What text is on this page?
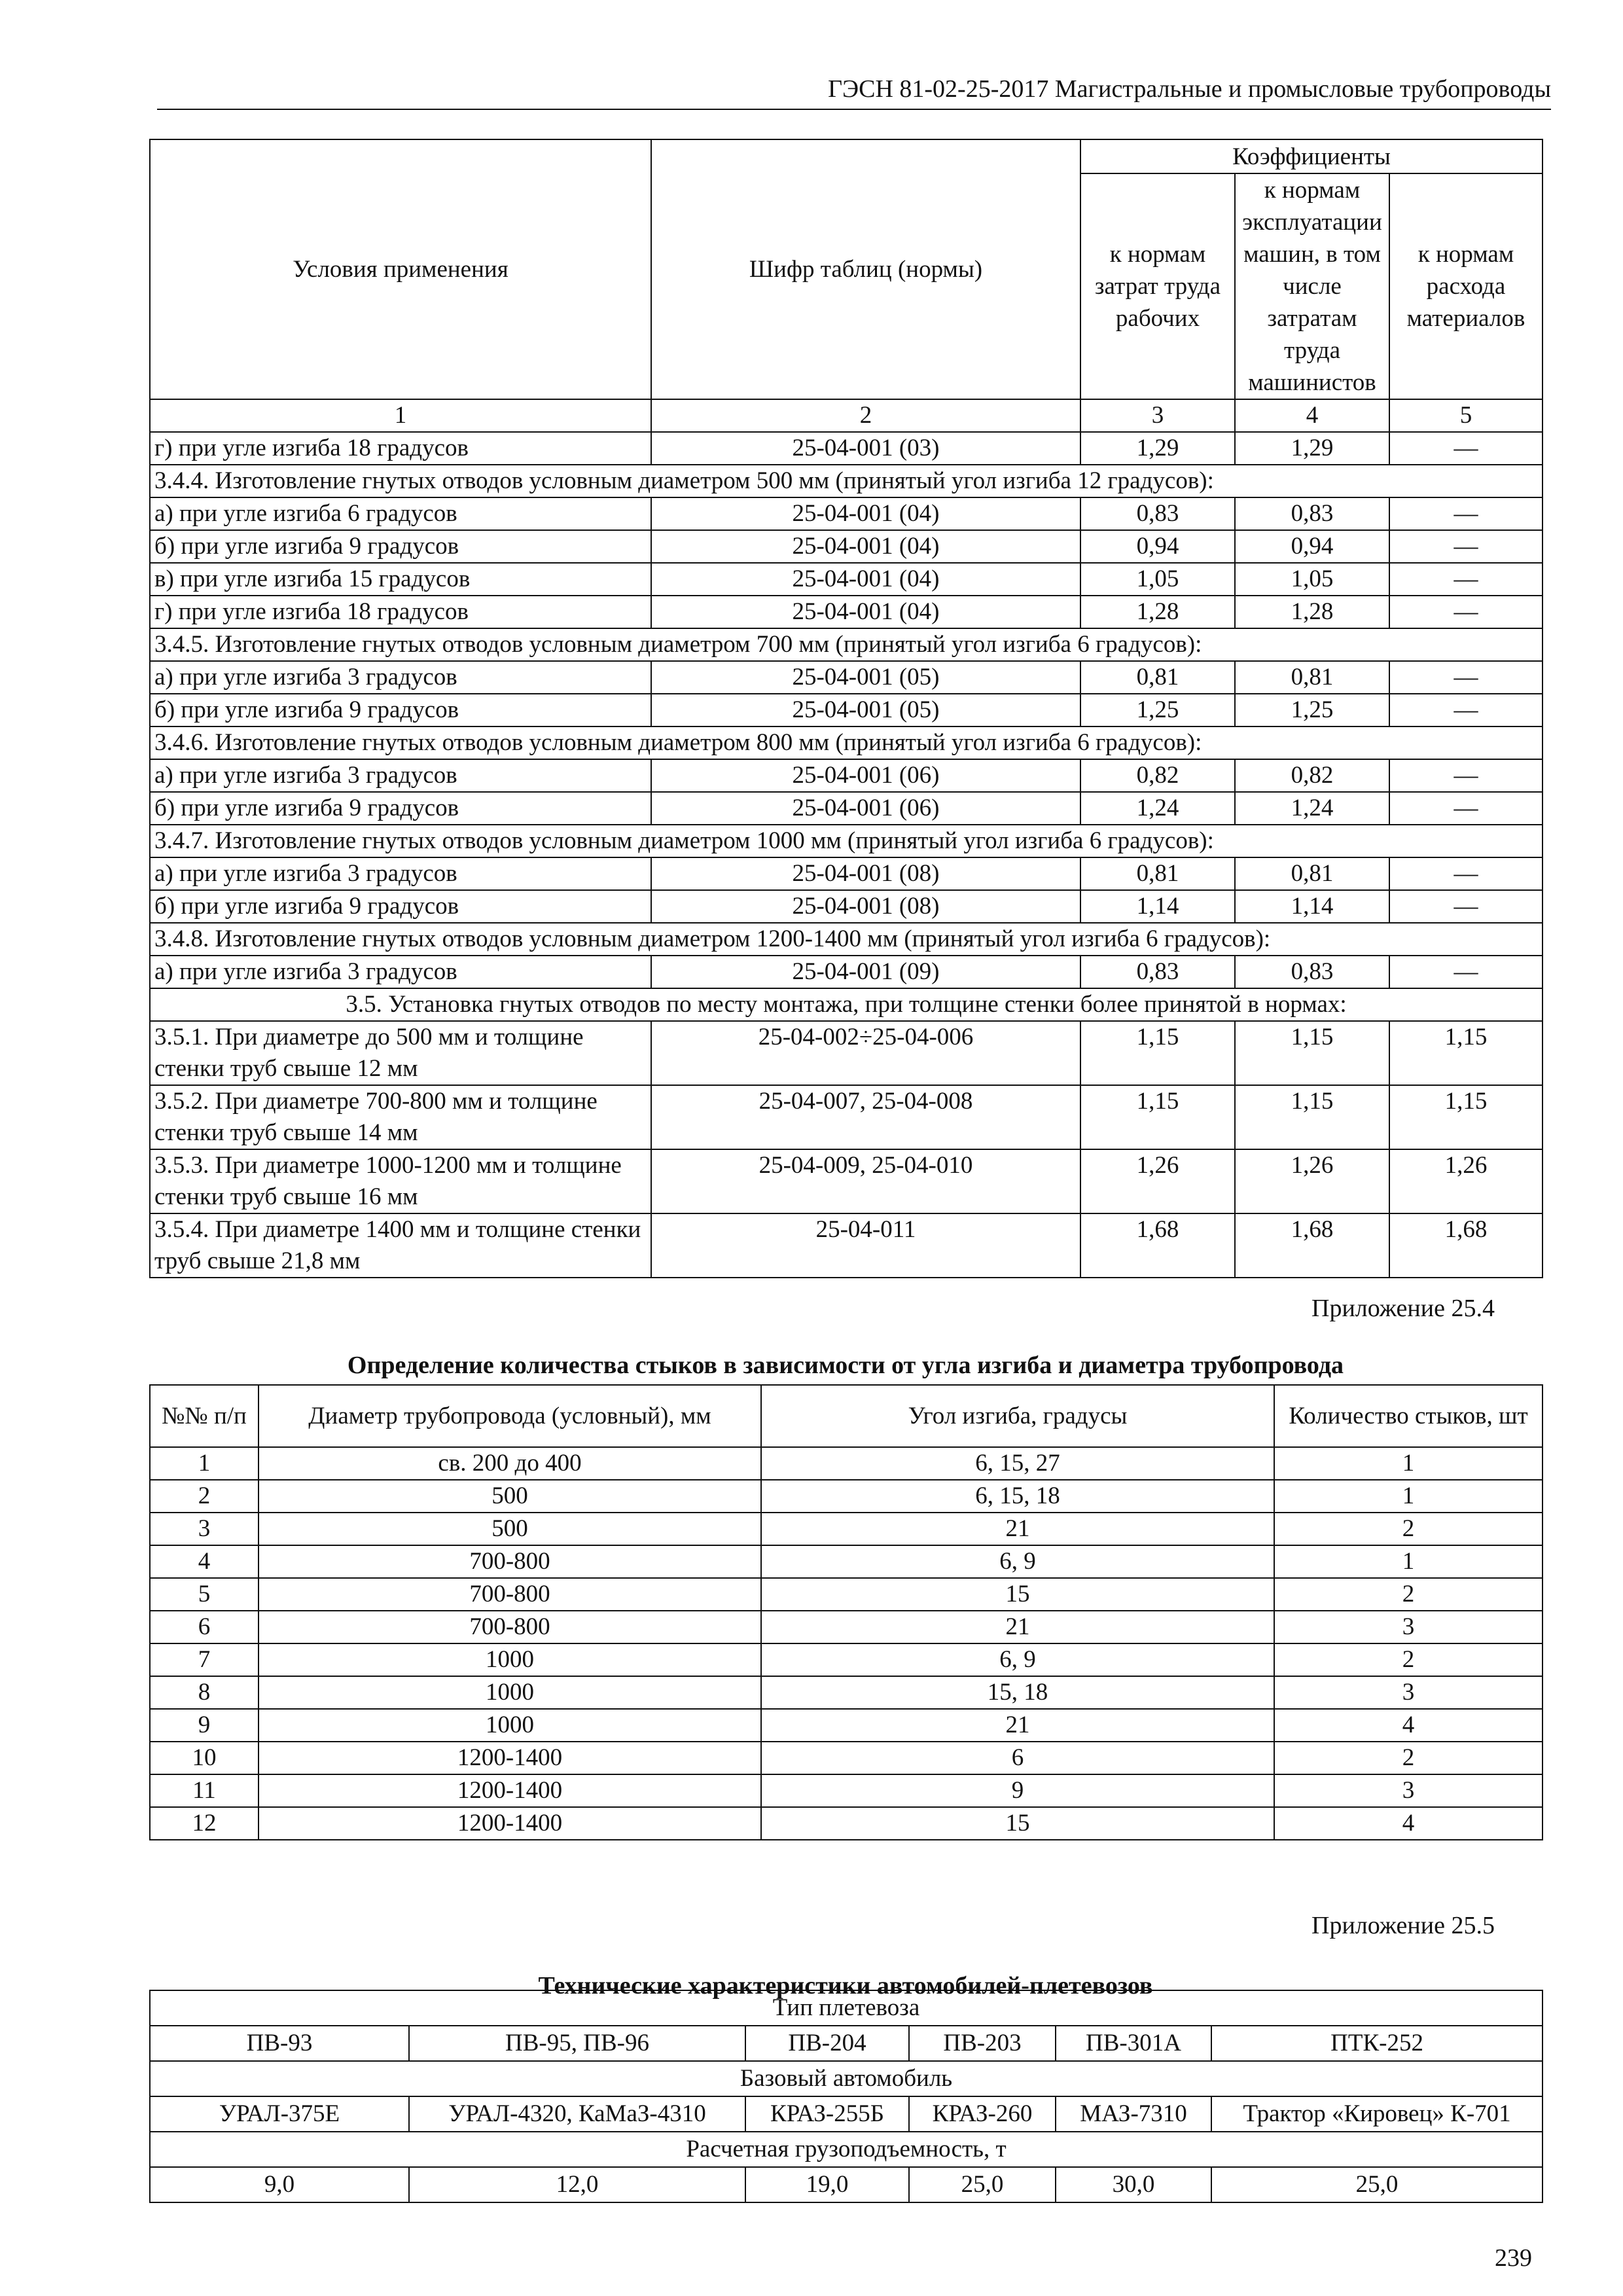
ГЭСН 81-02-25-2017 Магистральные и промысловые трубопроводы
Условия применения	Шифр таблиц (нормы)	Коэффициенты		
		к нормам затрат труда рабочих	к нормам эксплуатации машин, в том числе затратам труда машинистов	к нормам расхода материалов
1	2	3	4	5
г) при угле изгиба 18 градусов	25-04-001 (03)	1,29	1,29	—
3.4.4. Изготовление гнутых отводов условным диаметром 500 мм (принятый угол изгиба 12 градусов):				
а) при угле изгиба 6 градусов	25-04-001 (04)	0,83	0,83	—
б) при угле изгиба 9 градусов	25-04-001 (04)	0,94	0,94	—
в) при угле изгиба 15 градусов	25-04-001 (04)	1,05	1,05	—
г) при угле изгиба 18 градусов	25-04-001 (04)	1,28	1,28	—
3.4.5. Изготовление гнутых отводов условным диаметром 700 мм (принятый угол изгиба 6 градусов):				
а) при угле изгиба 3 градусов	25-04-001 (05)	0,81	0,81	—
б) при угле изгиба 9 градусов	25-04-001 (05)	1,25	1,25	—
3.4.6. Изготовление гнутых отводов условным диаметром 800 мм (принятый угол изгиба 6 градусов):				
а) при угле изгиба 3 градусов	25-04-001 (06)	0,82	0,82	—
б) при угле изгиба 9 градусов	25-04-001 (06)	1,24	1,24	—
3.4.7. Изготовление гнутых отводов условным диаметром 1000 мм (принятый угол изгиба 6 градусов):				
а) при угле изгиба 3 градусов	25-04-001 (08)	0,81	0,81	—
б) при угле изгиба 9 градусов	25-04-001 (08)	1,14	1,14	—
3.4.8. Изготовление гнутых отводов условным диаметром 1200-1400 мм (принятый угол изгиба 6 градусов):				
а) при угле изгиба 3 градусов	25-04-001 (09)	0,83	0,83	—
3.5. Установка гнутых отводов по месту монтажа, при толщине стенки более принятой в нормах:				
3.5.1. При диаметре до 500 мм и толщине стенки труб свыше 12 мм	25-04-002÷25-04-006	1,15	1,15	1,15
3.5.2. При диаметре 700-800 мм и толщине стенки труб свыше 14 мм	25-04-007, 25-04-008	1,15	1,15	1,15
3.5.3. При диаметре 1000-1200 мм и толщине стенки труб свыше 16 мм	25-04-009, 25-04-010	1,26	1,26	1,26
3.5.4. При диаметре 1400 мм и толщине стенки труб свыше 21,8 мм	25-04-011	1,68	1,68	1,68
Приложение 25.4
Определение количества стыков в зависимости от угла изгиба и диаметра трубопровода
№№ п/п	Диаметр трубопровода (условный), мм	Угол изгиба, градусы	Количество стыков, шт
1	св. 200 до 400	6, 15, 27	1
2	500	6, 15, 18	1
3	500	21	2
4	700-800	6, 9	1
5	700-800	15	2
6	700-800	21	3
7	1000	6, 9	2
8	1000	15, 18	3
9	1000	21	4
10	1200-1400	6	2
11	1200-1400	9	3
12	1200-1400	15	4
Приложение 25.5
Технические характеристики автомобилей-плетевозов
Тип плетевоза					
ПВ-93	ПВ-95, ПВ-96	ПВ-204	ПВ-203	ПВ-301А	ПТК-252
Базовый автомобиль					
УРАЛ-375Е	УРАЛ-4320, КаМаЗ-4310	КРАЗ-255Б	КРАЗ-260	МАЗ-7310	Трактор «Кировец» К-701
Расчетная грузоподъемность, т					
9,0	12,0	19,0	25,0	30,0	25,0
239
